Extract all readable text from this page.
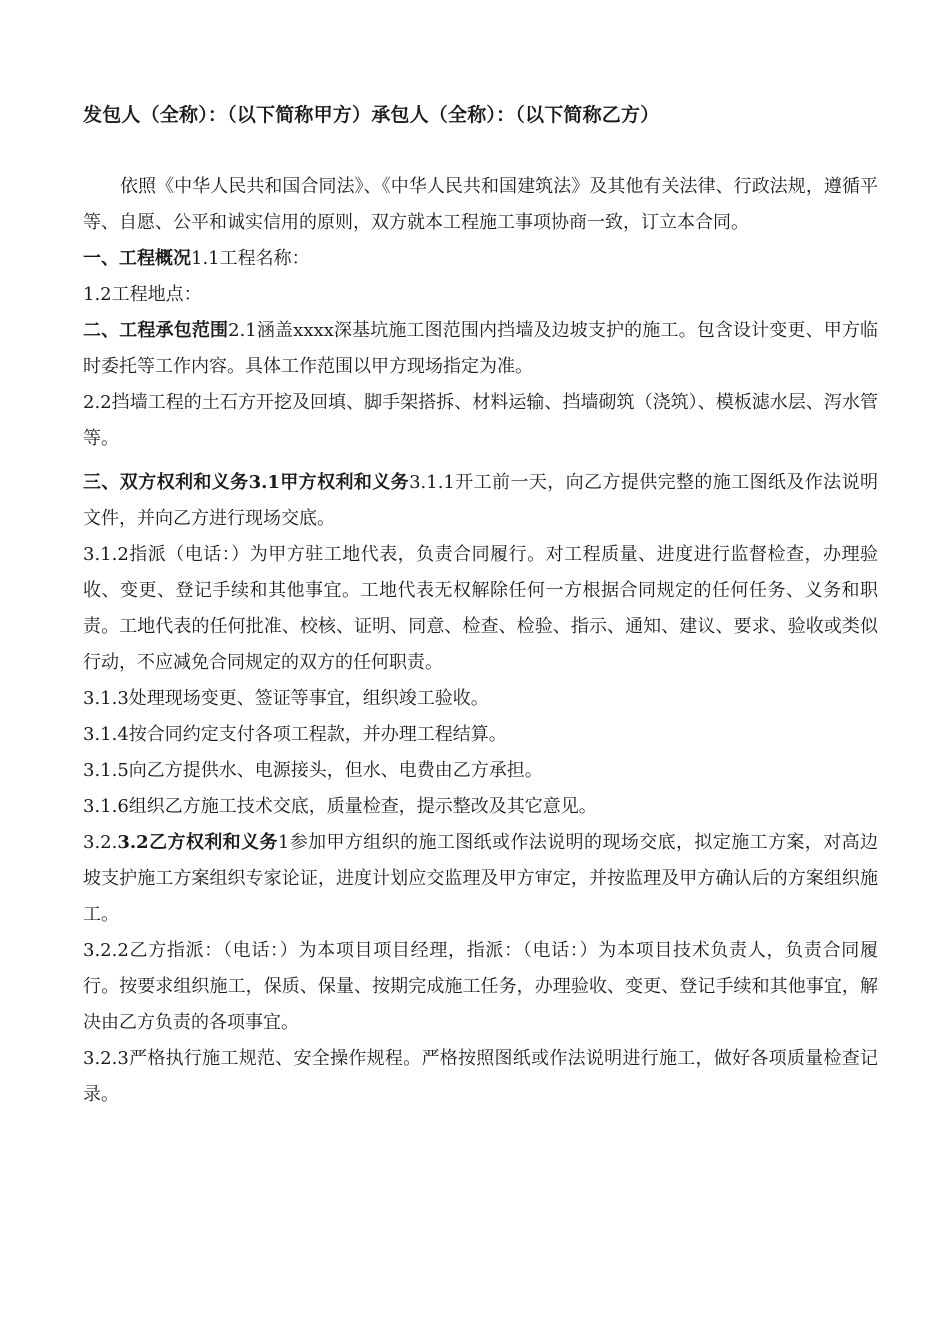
发包人（全称）：（以下简称甲方）承包人（全称）：（以下简称乙方）

依照《中华人民共和国合同法》、《中华人民共和国建筑法》及其他有关法律、行政法规，遵循平等、自愿、公平和诚实信用的原则，双方就本工程施工事项协商一致，订立本合同。

一、工程概况1.1工程名称：

1.2工程地点：

二、工程承包范围2.1涵盖xxxx深基坑施工图范围内挡墙及边坡支护的施工。包含设计变更、甲方临时委托等工作内容。具体工作范围以甲方现场指定为准。

2.2挡墙工程的土石方开挖及回填、脚手架搭拆、材料运输、挡墙砌筑（浇筑）、模板滤水层、泻水管等。

三、双方权利和义务3.1甲方权利和义务3.1.1开工前一天，向乙方提供完整的施工图纸及作法说明文件，并向乙方进行现场交底。

3.1.2指派（电话：）为甲方驻工地代表，负责合同履行。对工程质量、进度进行监督检查，办理验收、变更、登记手续和其他事宜。工地代表无权解除任何一方根据合同规定的任何任务、义务和职责。工地代表的任何批准、校核、证明、同意、检查、检验、指示、通知、建议、要求、验收或类似行动，不应减免合同规定的双方的任何职责。

3.1.3处理现场变更、签证等事宜，组织竣工验收。

3.1.4按合同约定支付各项工程款，并办理工程结算。

3.1.5向乙方提供水、电源接头，但水、电费由乙方承担。

3.1.6组织乙方施工技术交底，质量检查，提示整改及其它意见。

3.2.3.2乙方权利和义务1参加甲方组织的施工图纸或作法说明的现场交底，拟定施工方案，对高边坡支护施工方案组织专家论证，进度计划应交监理及甲方审定，并按监理及甲方确认后的方案组织施工。

3.2.2乙方指派：（电话：）为本项目项目经理，指派：（电话：）为本项目技术负责人，负责合同履行。按要求组织施工，保质、保量、按期完成施工任务，办理验收、变更、登记手续和其他事宜，解决由乙方负责的各项事宜。

3.2.3严格执行施工规范、安全操作规程。严格按照图纸或作法说明进行施工，做好各项质量检查记录。
